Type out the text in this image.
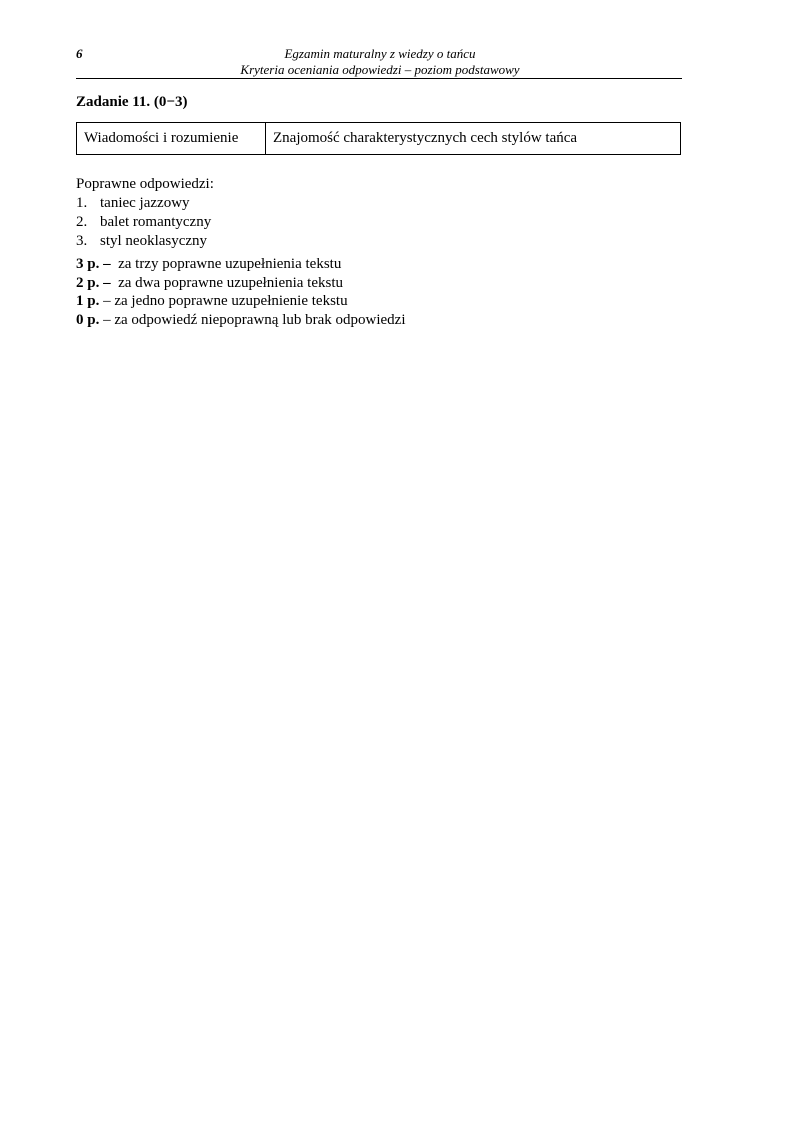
6	Egzamin maturalny z wiedzy o tańcu
Kryteria oceniania odpowiedzi – poziom podstawowy
Zadanie 11. (0−3)
Wiadomości i rozumienie	Znajomość charakterystycznych cech stylów tańca
Poprawne odpowiedzi:
1. taniec jazzowy
2. balet romantyczny
3. styl neoklasyczny
3 p. – za trzy poprawne uzupełnienia tekstu
2 p. – za dwa poprawne uzupełnienia tekstu
1 p. – za jedno poprawne uzupełnienie tekstu
0 p. – za odpowiedź niepoprawną lub brak odpowiedzi
